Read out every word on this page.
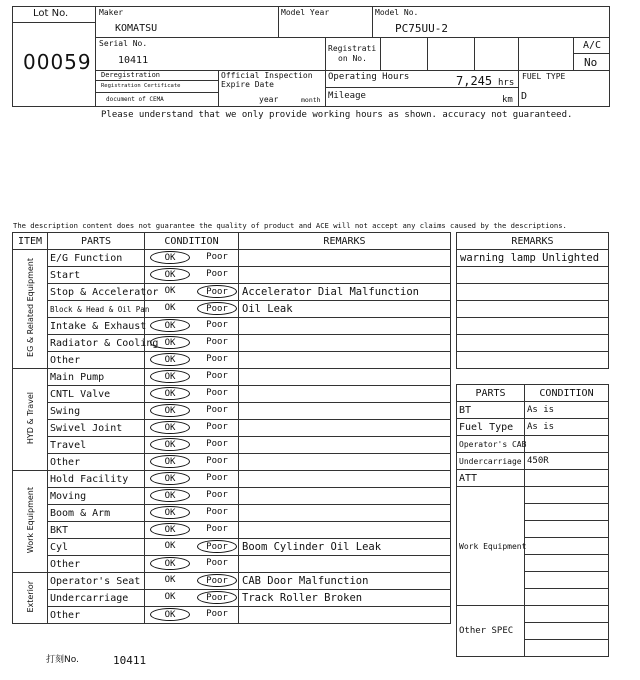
Lot No.
00059
Maker
KOMATSU
Model Year	Model No.
PC75UU-2
Serial No.
10411
Registrati
on No.
A/C
No
Deregistration
Registration Certificate
document of CEMA
Official Inspection
Expire Date
year	month
Operating Hours	7,245 hrs
Mileage	km
FUEL TYPE
D
Please understand that we only provide working hours as shown. accuracy not guaranteed.
The description content does not guarantee the quality of product and ACE will not accept any claims caused by the descriptions.
ITEM	PARTS	CONDITION	REMARKS
EG & Related Equipment	E/G Function	OK Poor	

	Start	OK Poor	

	Stop & Accelerator	OK Poor	Accelerator Dial Malfunction
	Block & Head & Oil Pan	OK Poor	Oil Leak
	Intake & Exhaust	OK Poor	

	Radiator & Cooling	OK Poor	

	Other	OK Poor	

HYD & Travel	Main Pump	OK Poor	

	CNTL Valve	OK Poor	

	Swing	OK Poor	

	Swivel Joint	OK Poor	

	Travel	OK Poor	

	Other	OK Poor	

Work Equipment	Hold Facility	OK Poor	

	Moving	OK Poor	

	Boom & Arm	OK Poor	

	BKT	OK Poor	

	Cyl	OK Poor	Boom Cylinder Oil Leak
	Other	OK Poor	

Exterior	Operator's Seat	OK Poor	CAB Door Malfunction
	Undercarriage	OK Poor	Track Roller Broken
	Other	OK Poor	

REMARKS
warning lamp Unlighted

PARTS	CONDITION
BT	As is
Fuel Type	As is
Operator's CAB	
Undercarriage	450R
ATT	
Work Equipment	

Other SPEC	

打刻No.	10411
